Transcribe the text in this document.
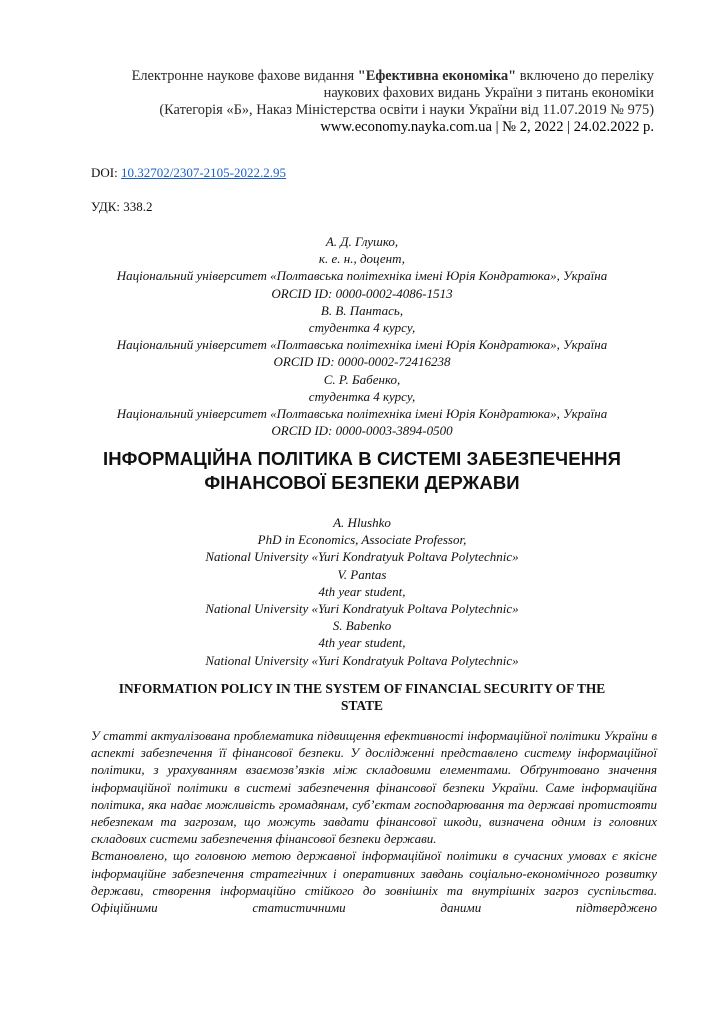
Електронне наукове фахове видання "Ефективна економіка" включено до переліку
наукових фахових видань України з питань економіки
(Категорія «Б», Наказ Міністерства освіти і науки України від 11.07.2019 № 975)
www.economy.nayka.com.ua | № 2, 2022 | 24.02.2022 р.
DOI: 10.32702/2307-2105-2022.2.95
УДК: 338.2
А. Д. Глушко,
к. е. н., доцент,
Національний університет «Полтавська політехніка імені Юрія Кондратюка», Україна
ORCID ID: 0000-0002-4086-1513
В. В. Пантась,
студентка 4 курсу,
Національний університет «Полтавська політехніка імені Юрія Кондратюка», Україна
ORCID ID: 0000-0002-72416238
С. Р. Бабенко,
студентка 4 курсу,
Національний університет «Полтавська політехніка імені Юрія Кондратюка», Україна
ORCID ID: 0000-0003-3894-0500
ІНФОРМАЦІЙНА ПОЛІТИКА В СИСТЕМІ ЗАБЕЗПЕЧЕННЯ
ФІНАНСОВОЇ БЕЗПЕКИ ДЕРЖАВИ
A. Hlushko
PhD in Economics, Associate Professor,
National University «Yuri Kondratyuk Poltava Polytechnic»
V. Pantas
4th year student,
National University «Yuri Kondratyuk Poltava Polytechnic»
S. Babenko
4th year student,
National University «Yuri Kondratyuk Poltava Polytechnic»
INFORMATION POLICY IN THE SYSTEM OF FINANCIAL SECURITY OF THE
STATE

У статті актуалізована проблематика підвищення ефективності інформаційної політики України в аспекті забезпечення її фінансової безпеки. У дослідженні представлено систему інформаційної політики, з урахуванням взаємозв’язків між складовими елементами. Обґрунтовано значення інформаційної політики в системі забезпечення фінансової безпеки України. Саме інформаційна політика, яка надає можливість громадянам, суб’єктам господарювання та державі протистояти небезпекам та загрозам, що можуть завдати фінансової шкоди, визначена одним із головних складових системи забезпечення фінансової безпеки держави.

Встановлено, що головною метою державної інформаційної політики в сучасних умовах є якісне інформаційне забезпечення стратегічних і оперативних завдань соціально-економічного розвитку держави, створення інформаційно стійкого до зовнішніх та внутрішніх загроз суспільства. Офіційними статистичними даними підтверджено
